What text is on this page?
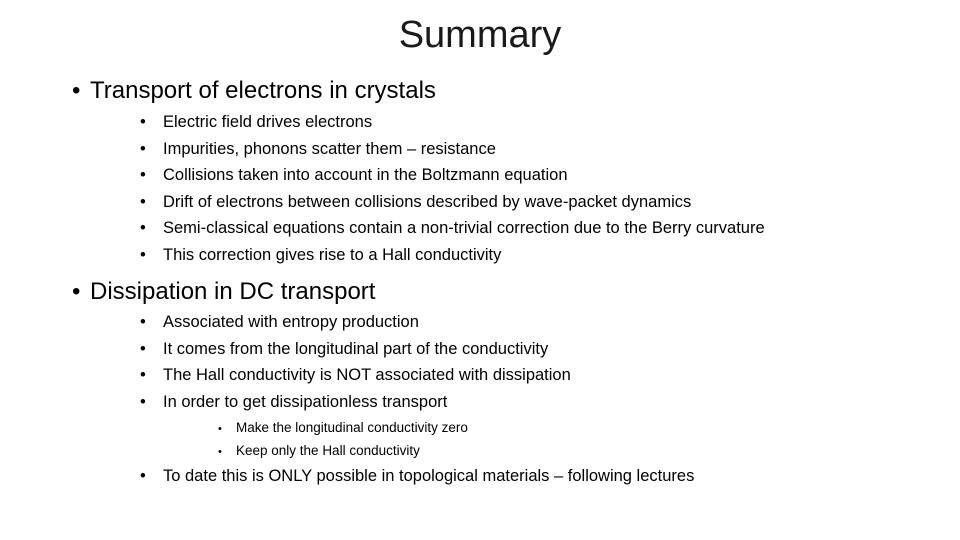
Summary
• Transport of electrons in crystals
•	Electric field drives electrons
•	Impurities, phonons scatter them – resistance
•	Collisions taken into account in the Boltzmann equation
•	Drift of electrons between collisions described by wave-packet dynamics
•	Semi-classical equations contain a non-trivial correction due to the Berry curvature
•	This correction gives rise to a Hall conductivity
• Dissipation in DC transport
•	Associated with entropy production
•	It comes from the longitudinal part of the conductivity
•	The Hall conductivity is NOT associated with dissipation
•	In order to get dissipationless transport
•	Make the longitudinal conductivity zero
•	Keep only the Hall conductivity
•	To date this is ONLY possible in topological materials – following lectures
